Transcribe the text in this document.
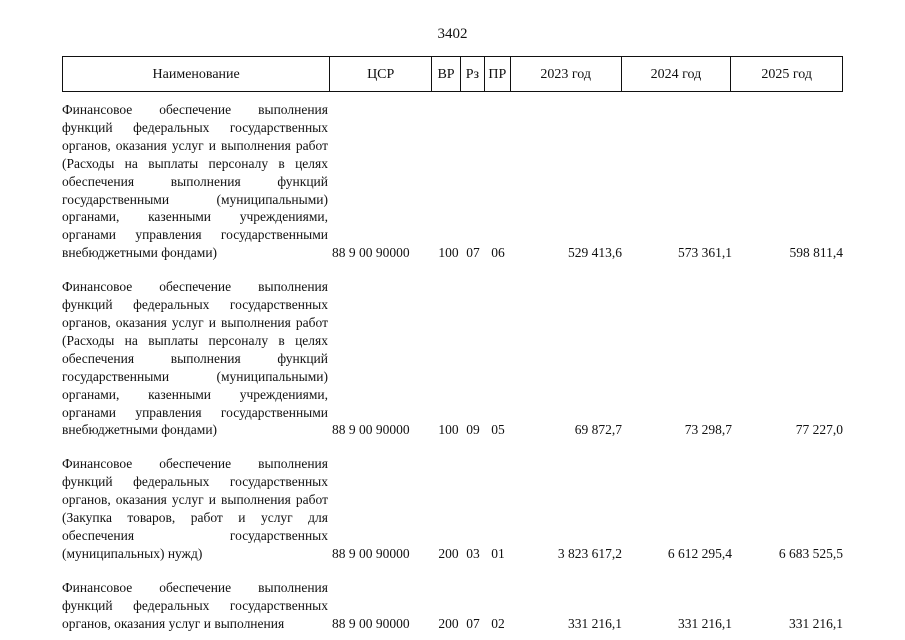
3402
Наименование	ЦСР	ВР Рз ПР	2023 год	2024 год	2025 год
Финансовое обеспечение выполнения функций федеральных государственных органов, оказания услуг и выполнения работ (Расходы на выплаты персоналу в целях обеспечения выполнения функций государственными (муниципальными) органами, казенными учреждениями, органами управления государственными внебюджетными фондами)	88 9 00 90000	100 07 06	529 413,6	573 361,1	598 811,4
Финансовое обеспечение выполнения функций федеральных государственных органов, оказания услуг и выполнения работ (Расходы на выплаты персоналу в целях обеспечения выполнения функций государственными (муниципальными) органами, казенными учреждениями, органами управления государственными внебюджетными фондами)	88 9 00 90000	100 09 05	69 872,7	73 298,7	77 227,0
Финансовое обеспечение выполнения функций федеральных государственных органов, оказания услуг и выполнения работ (Закупка товаров, работ и услуг для обеспечения государственных (муниципальных) нужд)	88 9 00 90000	200 03 01	3 823 617,2	6 612 295,4	6 683 525,5
Финансовое обеспечение выполнения функций федеральных государственных органов, оказания услуг и выполнения	88 9 00 90000	200 07 02	331 216,1	331 216,1	331 216,1
